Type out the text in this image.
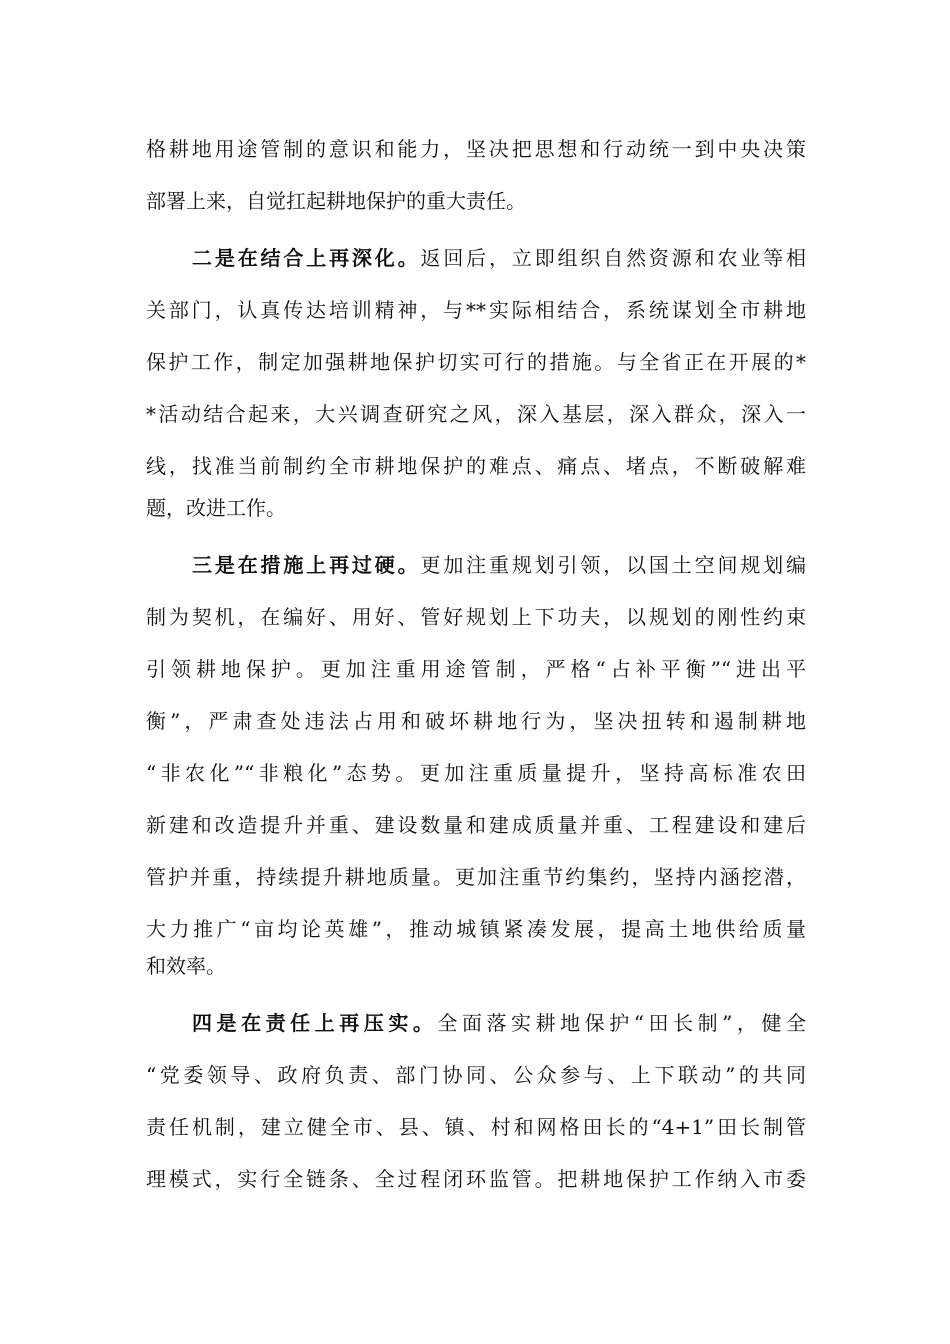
格耕地用途管制的意识和能力，坚决把思想和行动统一到中央决策
部署上来，自觉扛起耕地保护的重大责任。
二是在结合上再深化。返回后，立即组织自然资源和农业等相
关部门，认真传达培训精神，与**实际相结合，系统谋划全市耕地
保护工作，制定加强耕地保护切实可行的措施。与全省正在开展的*
*活动结合起来，大兴调查研究之风，深入基层，深入群众，深入一
线，找准当前制约全市耕地保护的难点、痛点、堵点，不断破解难
题，改进工作。
三是在措施上再过硬。更加注重规划引领，以国土空间规划编
制为契机，在编好、用好、管好规划上下功夫，以规划的刚性约束
引领耕地保护。更加注重用途管制，严格“占补平衡”“进出平
衡”，严肃查处违法占用和破坏耕地行为，坚决扭转和遏制耕地
“非农化”“非粮化”态势。更加注重质量提升，坚持高标准农田
新建和改造提升并重、建设数量和建成质量并重、工程建设和建后
管护并重，持续提升耕地质量。更加注重节约集约，坚持内涵挖潜，
大力推广“亩均论英雄”，推动城镇紧凑发展，提高土地供给质量
和效率。
四是在责任上再压实。全面落实耕地保护“田长制”，健全
“党委领导、政府负责、部门协同、公众参与、上下联动”的共同
责任机制，建立健全市、县、镇、村和网格田长的“4+1”田长制管
理模式，实行全链条、全过程闭环监管。把耕地保护工作纳入市委
